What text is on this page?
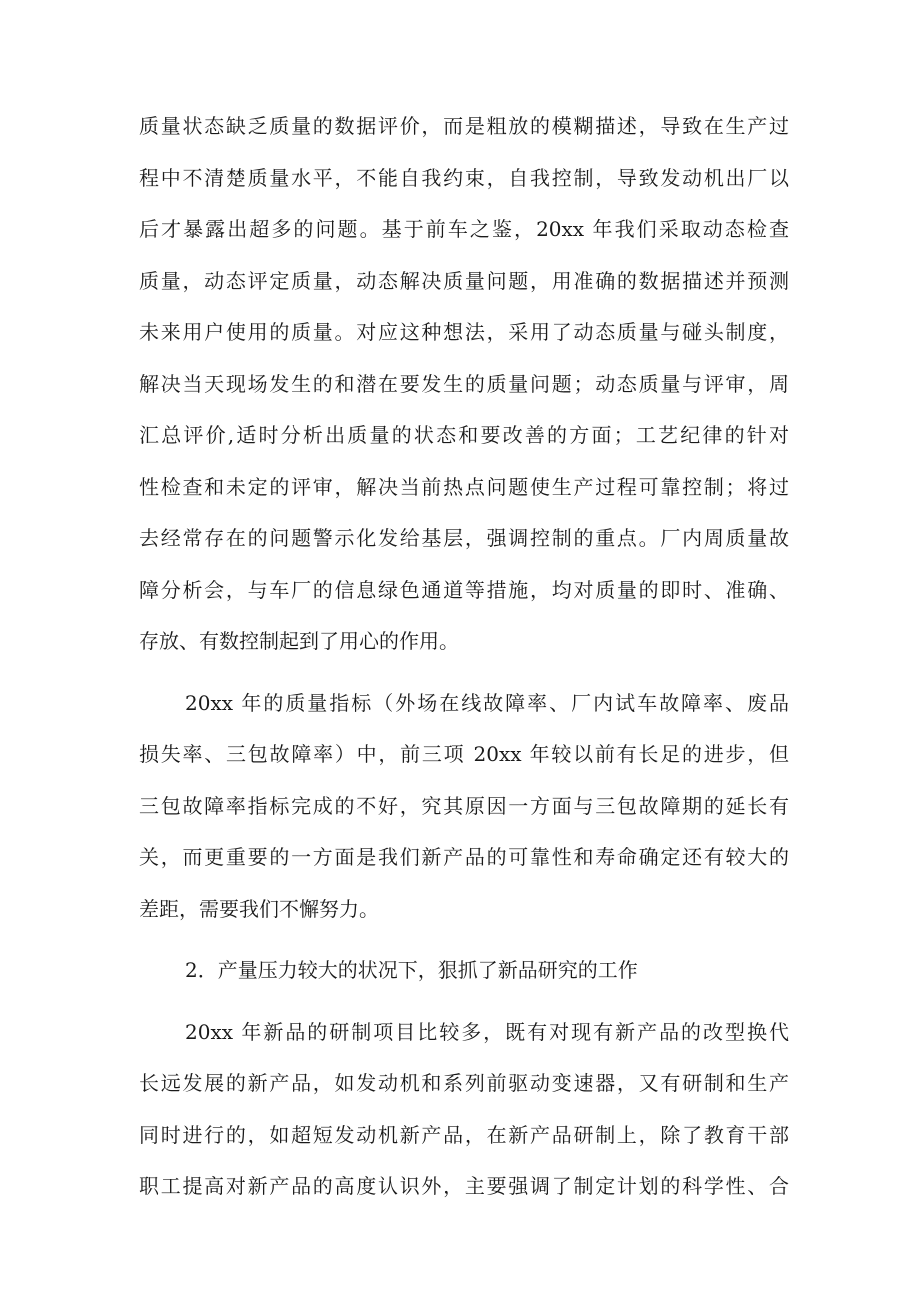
质量状态缺乏质量的数据评价，而是粗放的模糊描述，导致在生产过
程中不清楚质量水平，不能自我约束，自我控制，导致发动机出厂以
后才暴露出超多的问题。基于前车之鉴，20xx 年我们采取动态检查
质量，动态评定质量，动态解决质量问题，用准确的数据描述并预测
未来用户使用的质量。对应这种想法，采用了动态质量与碰头制度，
解决当天现场发生的和潜在要发生的质量问题；动态质量与评审，周
汇总评价,适时分析出质量的状态和要改善的方面；工艺纪律的针对
性检查和未定的评审，解决当前热点问题使生产过程可靠控制；将过
去经常存在的问题警示化发给基层，强调控制的重点。厂内周质量故
障分析会，与车厂的信息绿色通道等措施，均对质量的即时、准确、
存放、有数控制起到了用心的作用。
20xx 年的质量指标（外场在线故障率、厂内试车故障率、废品
损失率、三包故障率）中，前三项 20xx 年较以前有长足的进步，但
三包故障率指标完成的不好，究其原因一方面与三包故障期的延长有
关，而更重要的一方面是我们新产品的可靠性和寿命确定还有较大的
差距，需要我们不懈努力。
2．产量压力较大的状况下，狠抓了新品研究的工作
20xx 年新品的研制项目比较多，既有对现有新产品的改型换代
长远发展的新产品，如发动机和系列前驱动变速器，又有研制和生产
同时进行的，如超短发动机新产品，在新产品研制上，除了教育干部
职工提高对新产品的高度认识外，主要强调了制定计划的科学性、合
